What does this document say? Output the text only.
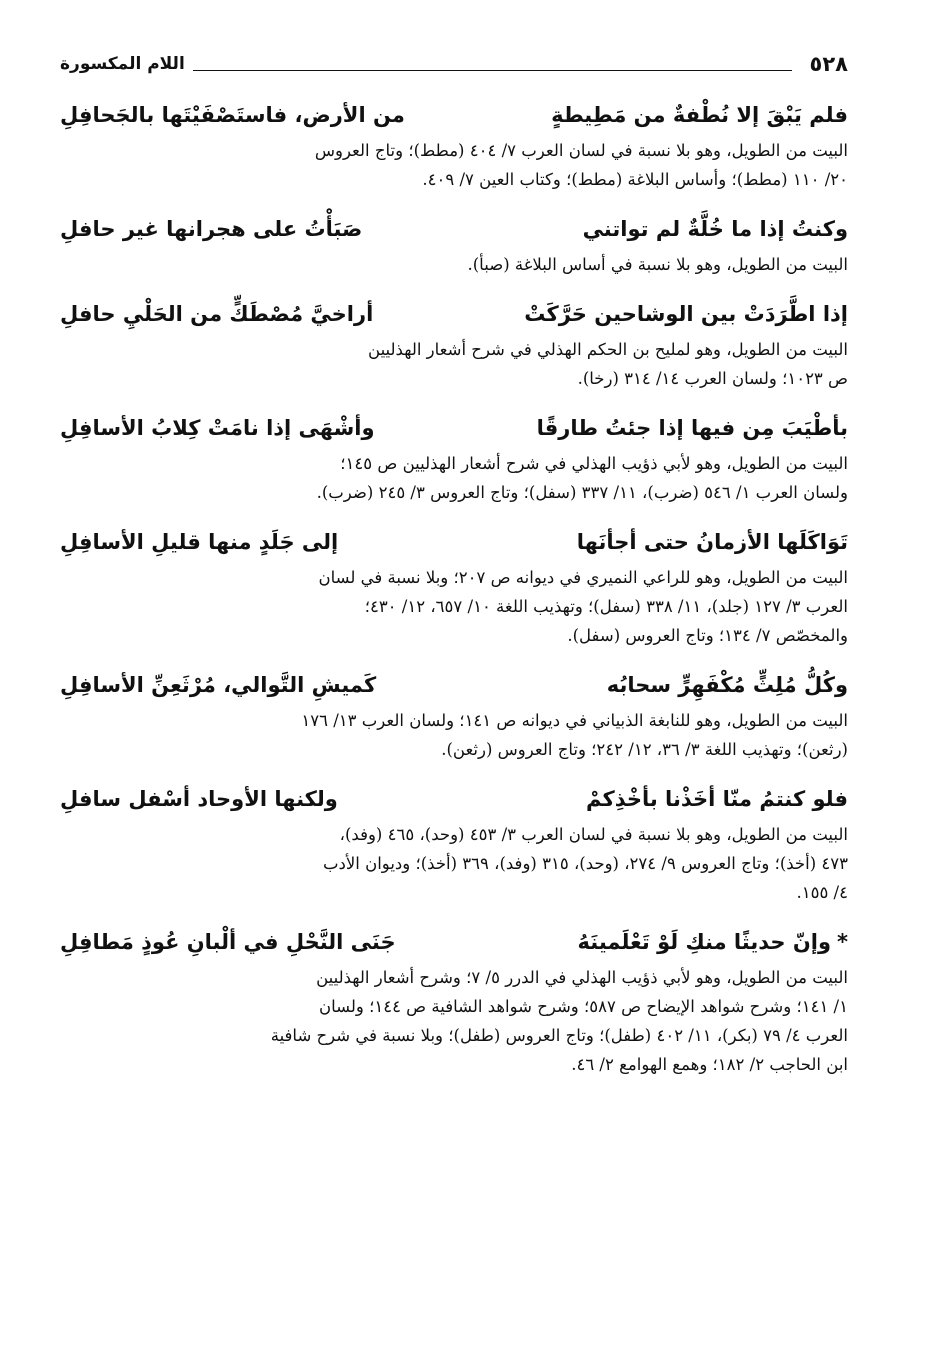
٥٢٨
اللام المكسورة
فلم يَبْقَ إلا نُطْفةٌ من مَطِيطةٍ
من الأرض، فاستَصْفَيْتَها بالجَحافِلِ
البيت من الطويل، وهو بلا نسبة في لسان العرب ٧/ ٤٠٤ (مطط)؛ وتاج العروس
٢٠/ ١١٠ (مطط)؛ وأساس البلاغة (مطط)؛ وكتاب العين ٧/ ٤٠٩.
وكنتُ إذا ما خُلَّةٌ لم تواتني
صَبَأْتُ على هجرانها غير حافلِ
البيت من الطويل، وهو بلا نسبة في أساس البلاغة (صبأ).
إذا اطَّرَدَتْ بين الوشاحين حَرَّكَتْ
أراخيَّ مُصْطَكٍّ من الحَلْيِ حافلِ
البيت من الطويل، وهو لمليح بن الحكم الهذلي في شرح أشعار الهذليين
ص ١٠٢٣؛ ولسان العرب ١٤/ ٣١٤ (رخا).
بأطْيَبَ مِن فيها إذا جئتُ طارقًا
وأشْهَى إذا نامَتْ كِلابُ الأسافِلِ
البيت من الطويل، وهو لأبي ذؤيب الهذلي في شرح أشعار الهذليين ص ١٤٥؛
ولسان العرب ١/ ٥٤٦ (ضرب)، ١١/ ٣٣٧ (سفل)؛ وتاج العروس ٣/ ٢٤٥ (ضرب).
تَوَاكَلَها الأزمانُ حتى أجأنَها
إلى جَلَدٍ منها قليلِ الأسافِلِ
البيت من الطويل، وهو للراعي النميري في ديوانه ص ٢٠٧؛ وبلا نسبة في لسان
العرب ٣/ ١٢٧ (جلد)، ١١/ ٣٣٨ (سفل)؛ وتهذيب اللغة ١٠/ ٦٥٧، ١٢/ ٤٣٠؛
والمخصّص ٧/ ١٣٤؛ وتاج العروس (سفل).
وكُلُّ مُلِثٍّ مُكْفَهِرٍّ سحابُه
كَميشِ التَّوالي، مُرْثَعِنِّ الأسافِلِ
البيت من الطويل، وهو للنابغة الذبياني في ديوانه ص ١٤١؛ ولسان العرب ١٣/ ١٧٦
(رثعن)؛ وتهذيب اللغة ٣/ ٣٦، ١٢/ ٢٤٢؛ وتاج العروس (رثعن).
فلو كنتمُ منّا أخَذْنا بأخْذِكمْ
ولكنها الأوحاد أسْفل سافلِ
البيت من الطويل، وهو بلا نسبة في لسان العرب ٣/ ٤٥٣ (وحد)، ٤٦٥ (وفد)،
٤٧٣ (أخذ)؛ وتاج العروس ٩/ ٢٧٤، (وحد)، ٣١٥ (وفد)، ٣٦٩ (أخذ)؛ وديوان الأدب
٤/ ١٥٥.
*وإنّ حديثًا منكِ لَوْ تَعْلَمينَهُ
جَنَى النَّحْلِ في ألْبانِ عُوذٍ مَطافِلِ
البيت من الطويل، وهو لأبي ذؤيب الهذلي في الدرر ٥/ ٧؛ وشرح أشعار الهذليين
١/ ١٤١؛ وشرح شواهد الإيضاح ص ٥٨٧؛ وشرح شواهد الشافية ص ١٤٤؛ ولسان
العرب ٤/ ٧٩ (بكر)، ١١/ ٤٠٢ (طفل)؛ وتاج العروس (طفل)؛ وبلا نسبة في شرح شافية
ابن الحاجب ٢/ ١٨٢؛ وهمع الهوامع ٢/ ٤٦.
